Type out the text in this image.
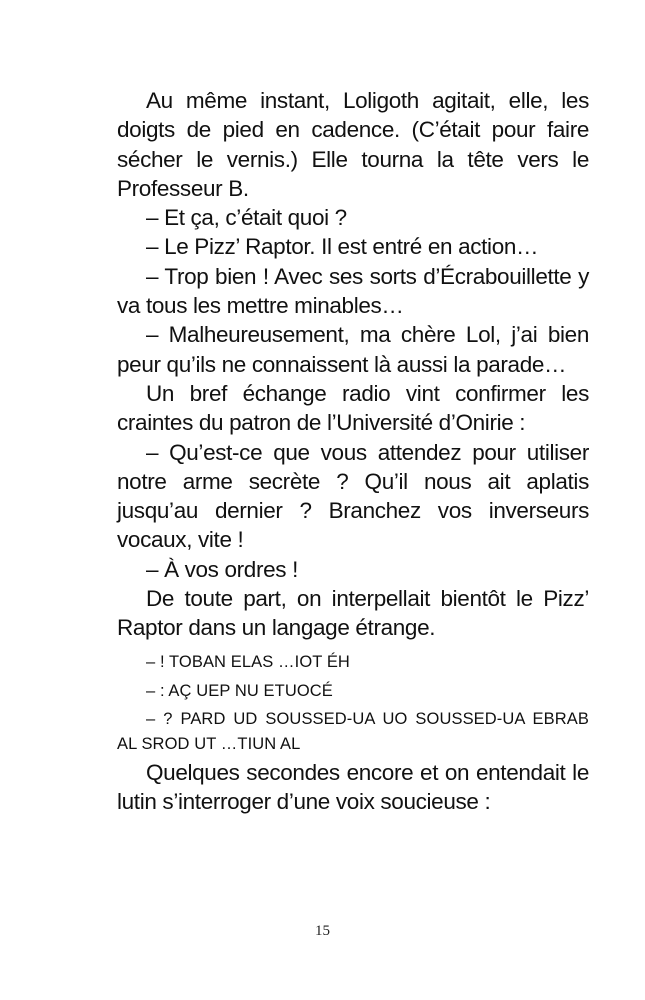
Au même instant, Loligoth agitait, elle, les doigts de pied en cadence. (C’était pour faire sécher le vernis.) Elle tourna la tête vers le Professeur B.

– Et ça, c’était quoi ?

– Le Pizz’ Raptor. Il est entré en action…

– Trop bien ! Avec ses sorts d’Écrabouillette y va tous les mettre minables…

– Malheureusement, ma chère Lol, j’ai bien peur qu’ils ne connaissent là aussi la parade…

Un bref échange radio vint confirmer les craintes du patron de l’Université d’Onirie :

– Qu’est-ce que vous attendez pour utiliser notre arme secrète ? Qu’il nous ait aplatis jusqu’au dernier ? Branchez vos inverseurs vocaux, vite !

– À vos ordres !

De toute part, on interpellait bientôt le Pizz’ Raptor dans un langage étrange.

– ! TOBAN ELAS …IOT ÉH

– : AÇ UEP NU ETUOCÉ

– ? PARD UD SOUSSED-UA UO SOUSSED-UA EBRAB AL SROD UT …TIUN AL

Quelques secondes encore et on entendait le lutin s’interroger d’une voix soucieuse :

15
